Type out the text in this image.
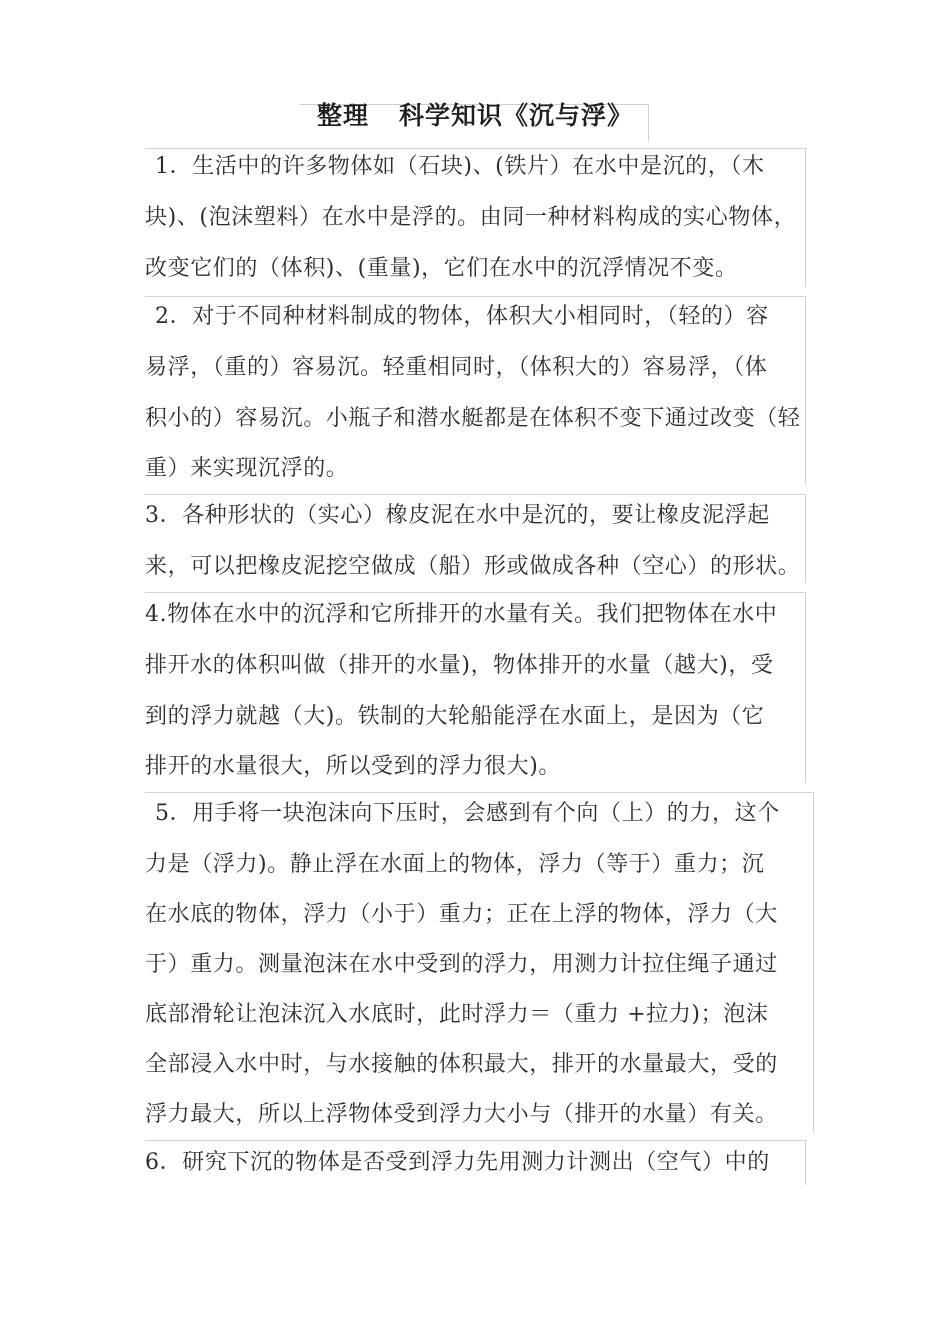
整理 科学知识《沉与浮》
1．生活中的许多物体如（石块)、(铁片）在水中是沉的，（木
块)、(泡沫塑料）在水中是浮的。由同一种材料构成的实心物体，
改变它们的（体积)、(重量)，它们在水中的沉浮情况不变。
2．对于不同种材料制成的物体，体积大小相同时，（轻的）容
易浮，（重的）容易沉。轻重相同时，（体积大的）容易浮，（体
积小的）容易沉。小瓶子和潜水艇都是在体积不变下通过改变（轻
重）来实现沉浮的。
3．各种形状的（实心）橡皮泥在水中是沉的，要让橡皮泥浮起
来，可以把橡皮泥挖空做成（船）形或做成各种（空心）的形状。
4.物体在水中的沉浮和它所排开的水量有关。我们把物体在水中
排开水的体积叫做（排开的水量)，物体排开的水量（越大)，受
到的浮力就越（大)。铁制的大轮船能浮在水面上，是因为（它
排开的水量很大，所以受到的浮力很大)。
5．用手将一块泡沫向下压时，会感到有个向（上）的力，这个
力是（浮力)。静止浮在水面上的物体，浮力（等于）重力；沉
在水底的物体，浮力（小于）重力；正在上浮的物体，浮力（大
于）重力。测量泡沫在水中受到的浮力，用测力计拉住绳子通过
底部滑轮让泡沫沉入水底时，此时浮力＝（重力 +拉力)；泡沫
全部浸入水中时，与水接触的体积最大，排开的水量最大，受的
浮力最大，所以上浮物体受到浮力大小与（排开的水量）有关。
6．研究下沉的物体是否受到浮力先用测力计测出（空气）中的
